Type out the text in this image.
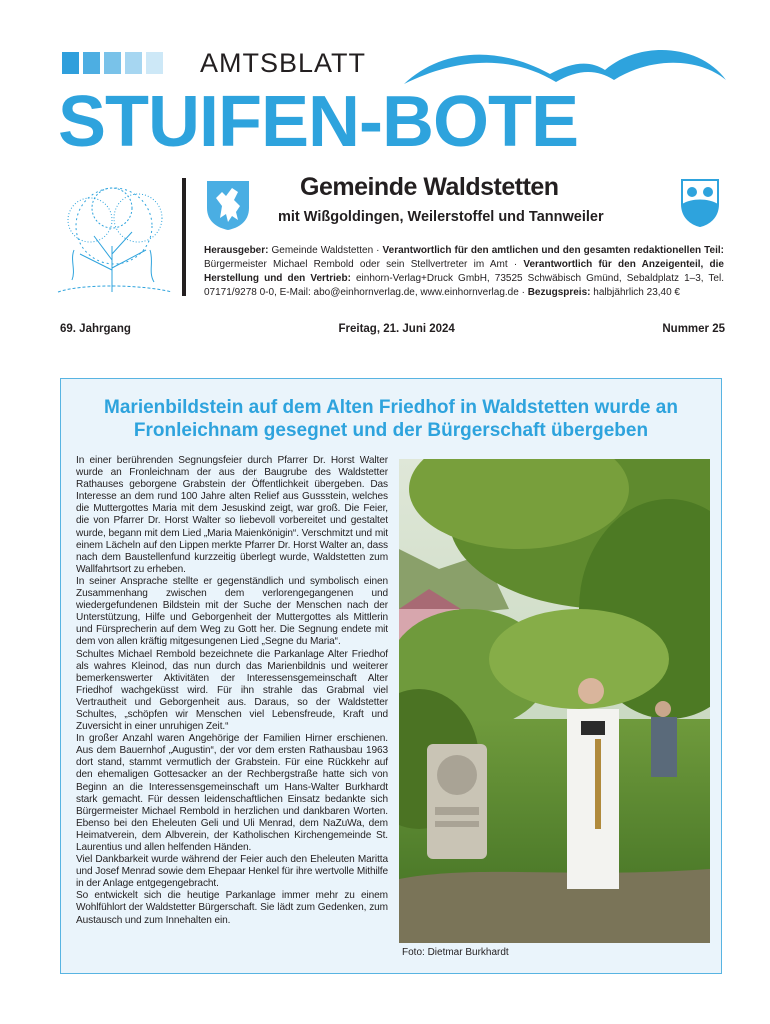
AMTSBLATT
STUIFEN-BOTE
Gemeinde Waldstetten
mit Wißgoldingen, Weilerstoffel und Tannweiler
Herausgeber: Gemeinde Waldstetten · Verantwortlich für den amtlichen und den gesamten redaktionellen Teil: Bürgermeister Michael Rembold oder sein Stellvertreter im Amt · Verantwortlich für den Anzeigenteil, die Herstellung und den Vertrieb: einhorn-Verlag+Druck GmbH, 73525 Schwäbisch Gmünd, Sebaldplatz 1–3, Tel. 07171/9278 0-0, E-Mail: abo@einhornverlag.de, www.einhornverlag.de · Bezugspreis: halbjährlich 23,40 €
69. Jahrgang	Freitag, 21. Juni 2024	Nummer 25
Marienbildstein auf dem Alten Friedhof in Waldstetten wurde an Fronleichnam gesegnet und der Bürgerschaft übergeben

In einer berührenden Segnungsfeier durch Pfarrer Dr. Horst Walter wurde an Fronleichnam der aus der Baugrube des Waldstetter Rathauses geborgene Grabstein der Öffentlichkeit übergeben. Das Interesse an dem rund 100 Jahre alten Relief aus Gussstein, welches die Muttergottes Maria mit dem Jesuskind zeigt, war groß. Die Feier, die von Pfarrer Dr. Horst Walter so liebevoll vorbereitet und gestaltet wurde, begann mit dem Lied „Maria Maienkönigin“. Verschmitzt und mit einem Lächeln auf den Lippen merkte Pfarrer Dr. Horst Walter an, dass nach dem Baustellenfund kurzzeitig überlegt wurde, Waldstetten zum Wallfahrtsort zu erheben.

In seiner Ansprache stellte er gegenständlich und symbolisch einen Zusammenhang zwischen dem verlorengegangenen und wiedergefundenen Bildstein mit der Suche der Menschen nach der Unterstützung, Hilfe und Geborgenheit der Muttergottes als Mittlerin und Fürsprecherin auf dem Weg zu Gott her. Die Segnung endete mit dem von allen kräftig mitgesungenen Lied „Segne du Maria“.

Schultes Michael Rembold bezeichnete die Parkanlage Alter Friedhof als wahres Kleinod, das nun durch das Marienbildnis und weiterer bemerkenswerter Aktivitäten der Interessensgemeinschaft Alter Friedhof wachgeküsst wird. Für ihn strahle das Grabmal viel Vertrautheit und Geborgenheit aus. Daraus, so der Waldstetter Schultes, „schöpfen wir Menschen viel Lebensfreude, Kraft und Zuversicht in einer unruhigen Zeit.“

In großer Anzahl waren Angehörige der Familien Hirner erschienen. Aus dem Bauernhof „Augustin“, der vor dem ersten Rathausbau 1963 dort stand, stammt vermutlich der Grabstein. Für eine Rückkehr auf den ehemaligen Gottesacker an der Rechbergstraße hatte sich von Beginn an die Interessensgemeinschaft um Hans-Walter Burkhardt stark gemacht. Für dessen leidenschaftlichen Einsatz bedankte sich Bürgermeister Michael Rembold in herzlichen und dankbaren Worten. Ebenso bei den Eheleuten Geli und Uli Menrad, dem NaZuWa, dem Heimatverein, dem Albverein, der Katholischen Kirchengemeinde St. Laurentius und allen helfenden Händen.

Viel Dankbarkeit wurde während der Feier auch den Eheleuten Maritta und Josef Menrad sowie dem Ehepaar Henkel für ihre wertvolle Mithilfe in der Anlage entgegengebracht.

So entwickelt sich die heutige Parkanlage immer mehr zu einem Wohlfühlort der Waldstetter Bürgerschaft. Sie lädt zum Gedenken, zum Austausch und zum Innehalten ein.

Foto: Dietmar Burkhardt
